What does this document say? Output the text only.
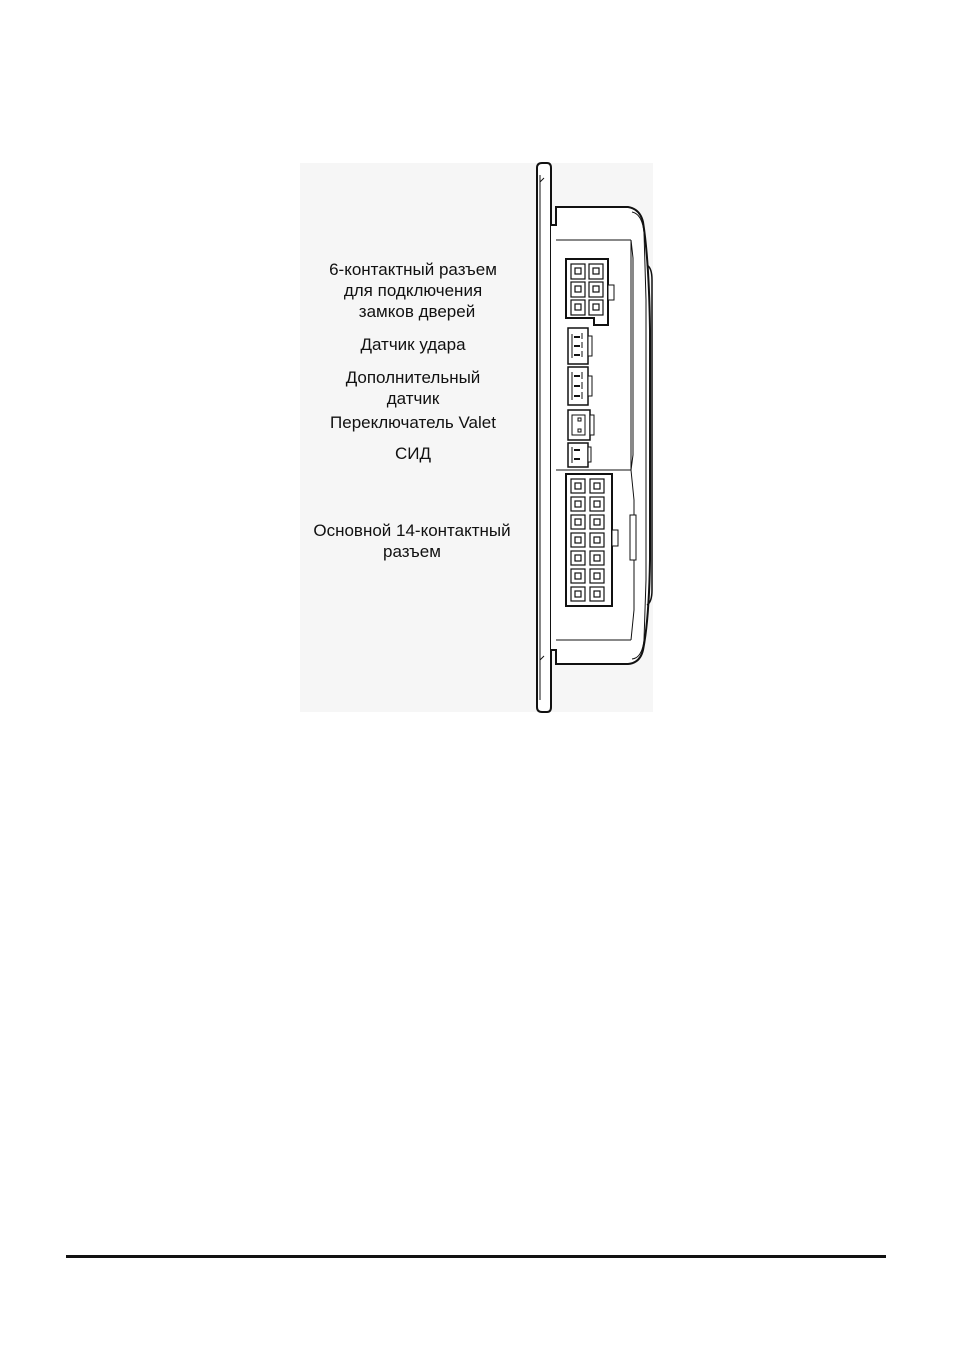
6-контактный разъем
для подключения
замков дверей
Датчик удара
Дополнительный
датчик
Переключатель Valet
СИД
Основной 14-контактный
разъем
